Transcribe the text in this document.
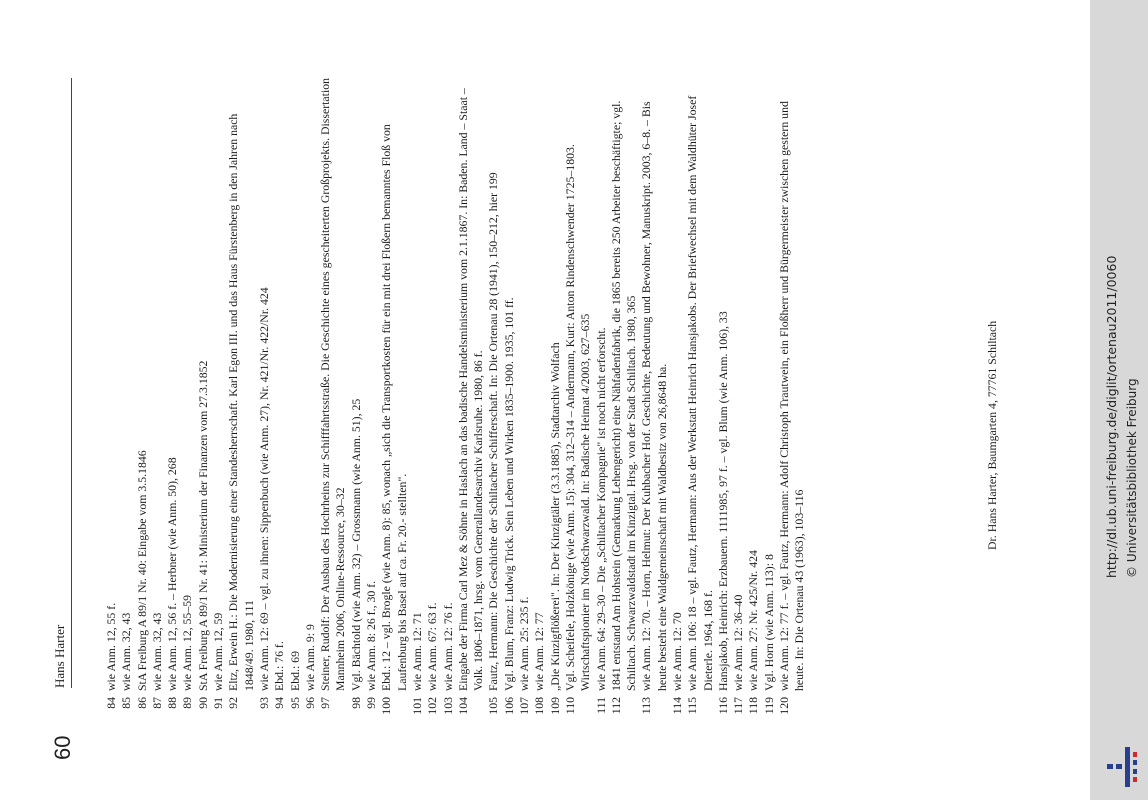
60
Hans Harter
84
wie Anm. 12, 55 f.
85
wie Anm. 32, 43
86
StA Freiburg A 89/1 Nr. 40: Eingabe vom 3.5.1846
87
wie Anm. 32, 43
88
wie Anm. 12, 56 f. – Herbner (wie Anm. 50), 268
89
wie Anm. 12, 55–59
90
StA Freiburg A 89/1 Nr. 41: Ministerium der Finanzen vom 27.3.1852
91
wie Anm. 12, 59
92
Eltz, Erwein H.: Die Modernisierung einer Standesherrschaft. Karl Egon III. und das Haus Fürstenberg in den Jahren nach 1848/49. 1980, 111
93
wie Anm. 12: 69 – vgl. zu ihnen: Sippenbuch (wie Anm. 27), Nr. 421/Nr. 422/Nr. 424
94
Ebd.: 76 f.
95
Ebd.: 69
96
wie Anm. 9: 9
97
Steiner, Rudolf: Der Ausbau des Hochrheins zur Schifffahrtsstraße. Die Geschichte eines gescheiterten Großprojekts. Dissertation Mannheim 2006, Online-Ressource, 30–32
98
Vgl. Bächtold (wie Anm. 32) – Grossmann (wie Anm. 51), 25
99
wie Anm. 8: 26 f., 30 f.
100
Ebd.: 12 – vgl. Brogle (wie Anm. 8): 85, wonach „sich die Transportkosten für ein mit drei Floßern bemanntes Floß von Laufenburg bis Basel auf ca. Fr. 20.- stellten".
101
wie Anm. 12: 71
102
wie Anm. 67: 63 f.
103
wie Anm. 12: 76 f.
104
Eingabe der Firma Carl Mez & Söhne in Haslach an das badische Handelsministerium vom 2.1.1867. In: Baden. Land – Staat –Volk. 1806–1871, hrsg. vom Generallandesarchiv Karlsruhe. 1980, 86 f.
105
Fautz, Hermann: Die Geschichte der Schiltacher Schifferschaft. In: Die Ortenau 28 (1941), 150–212, hier 199
106
Vgl. Blum, Franz: Ludwig Trick. Sein Leben und Wirken 1835–1900. 1935, 101 ff.
107
wie Anm. 25: 235 f.
108
wie Anm. 12: 77
109
„Die Kinzigflößerei". In: Der Kinzigtäler (3.3.1885), Stadtarchiv Wolfach
110
Vgl. Scheifele, Holzkönige (wie Anm. 15): 304, 312–314 – Andermann, Kurt: Anton Rindenschwender 1725–1803. Wirtschaftspionier im Nordschwarzwald. In: Badische Heimat 4/2003, 627–635
111
wie Anm. 64: 29–30 – Die „Schiltacher Kompagnie" ist noch nicht erforscht.
112
1841 entstand Am Hohstein (Gemarkung Lehengericht) eine Nähfadenfabrik, die 1865 bereits 250 Arbeiter beschäftigte; vgl. Schiltach. Schwarzwaldstadt im Kinzigtal. Hrsg. von der Stadt Schiltach. 1980, 365
113
wie Anm. 12: 70. – Horn, Helmut: Der Kuhbacher Hof. Geschichte, Bedeutung und Bewohner, Manuskript. 2003, 6–8. – Bis heute besteht eine Waldgemeinschaft mit Waldbesitz von 26,8648 ha.
114
wie Anm. 12: 70
115
wie Anm. 106: 18 – vgl. Fautz, Hermann: Aus der Werkstatt Heinrich Hansjakobs. Der Briefwechsel mit dem Waldhüter Josef Dieterle. 1964, 168 f.
116
Hansjakob, Heinrich: Erzbauern. 1111985, 97 f. – vgl. Blum (wie Anm. 106), 33
117
wie Anm. 12: 36–40
118
wie Anm. 27: Nr. 425/Nr. 424
119
Vgl. Horn (wie Anm. 113): 8
120
wie Anm. 12: 77 f. – vgl. Fautz, Hermann: Adolf Christoph Trautwein, ein Floßherr und Bürgermeister zwischen gestern und heute. In: Die Ortenau 43 (1963), 103–116
Dr. Hans Harter, Baumgarten 4, 77761 Schiltach	http://dl.ub.uni-freiburg.de/diglit/ortenau2011/0060 © Universitätsbibliothek Freiburg
